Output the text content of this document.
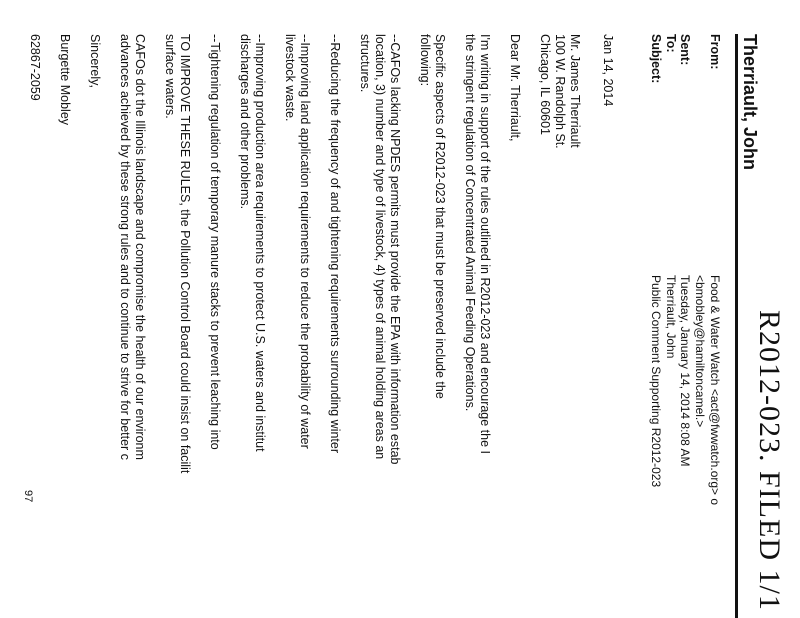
R2012-023. FILED 1/1
Therriault, John
From:
Food & Water Watch <act@fwwatch.org> o
<bmobley@hamiltoncamel.>
Sent:
Tuesday, January 14, 2014 8:08 AM
To:
Therriault, John
Subject:
Public Comment Supporting R2012-023
Jan 14, 2014
Mr. James Therriault
100 W. Randolph St.
Chicago, IL 60601
Dear Mr. Therriault,
I'm writing in support of the rules outlined in R2012-023 and encourage the I
the stringent regulation of Concentrated Animal Feeding Operations.
Specific aspects of R2012-023 that must be preserved include the
following:
--CAFOs lacking NPDES permits must provide the EPA with information estab
location, 3) number and type of livestock, 4) types of animal holding areas an
structures.
--Reducing the frequency of and tightening requirements surrounding winter
--Improving land application requirements to reduce the probability of water
livestock waste.
--Improving production area requirements to protect U.S. waters and institut
discharges and other problems.
--Tightening regulation of temporary manure stacks to prevent leaching into
TO IMPROVE THESE RULES, the Pollution Control Board could insist on facilit
surface waters.
CAFOs dot the Illinois landscape and compromise the health of our environm
advances achieved by these strong rules and to continue to strive for better c
Sincerely,
Burgette Mobley
62867-2059
97
